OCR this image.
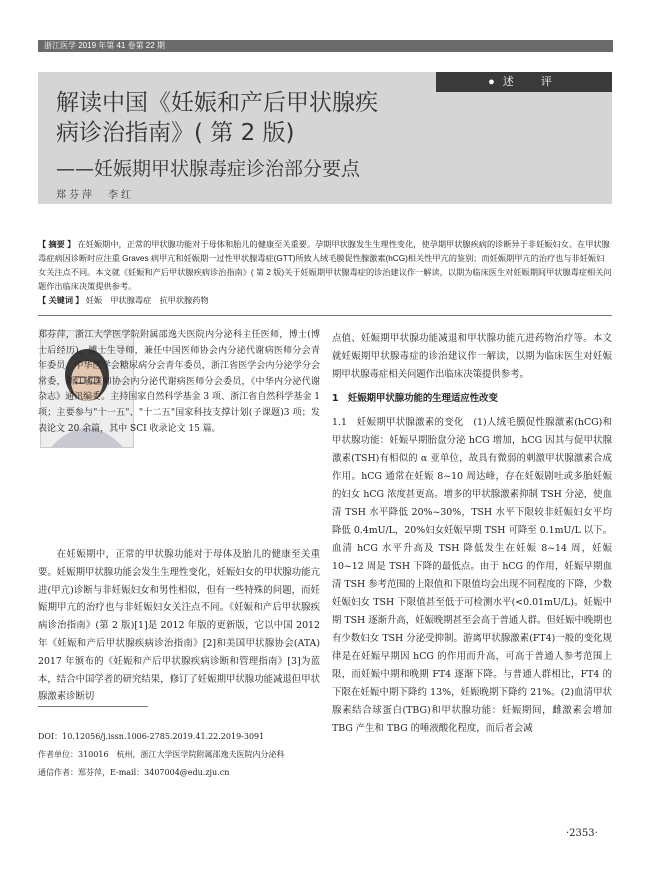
浙江医学 2019 年第 41 卷第 22 期
●述　评
解读中国《妊娠和产后甲状腺疾
病诊治指南》( 第 2 版)
——妊娠期甲状腺毒症诊治部分要点
郑芬萍　李红
【 摘要 】 在妊娠期中，正常的甲状腺功能对于母体和胎儿的健康至关重要。孕期甲状腺发生生理性变化，使孕期甲状腺疾病的诊断异于非妊娠妇女。在甲状腺毒症病因诊断时应注重 Graves 病甲亢和妊娠期一过性甲状腺毒症(GTT)所致人绒毛膜促性腺激素(hCG)相关性甲亢的鉴别；而妊娠期甲亢的治疗也与非妊娠妇女关注点不同。本文就《妊娠和产后甲状腺疾病诊治指南》( 第 2 版)关于妊娠期甲状腺毒症的诊治建议作一解读，以期为临床医生对妊娠期间甲状腺毒症相关问题作出临床决策提供参考。
【 关键词 】 妊娠　甲状腺毒症　抗甲状腺药物
郑芬萍，浙江大学医学院附属邵逸夫医院内分泌科主任医师，博士(博士后经历)、博士生导师，兼任中国医师协会内分泌代谢病医师分会青年委员，中华医学会糖尿病分会青年委员，浙江省医学会内分泌学分会常委，浙江省医师协会内分泌代谢病医师分会委员，《中华内分泌代谢杂志》通讯编委。主持国家自然科学基金 3 项、浙江省自然科学基金 1 项；主要参与"十一五"、"十二五"国家科技支撑计划(子课题)3 项；发表论文 20 余篇，其中 SCI 收录论文 15 篇。
在妊娠期中，正常的甲状腺功能对于母体及胎儿的健康至关重要。妊娠期甲状腺功能会发生生理性变化，妊娠妇女的甲状腺功能亢进(甲亢)诊断与非妊娠妇女和男性相似，但有一些特殊的问题，而妊娠期甲亢的治疗也与非妊娠妇女关注点不同。《妊娠和产后甲状腺疾病诊治指南》(第 2 版)[1]是 2012 年版的更新版，它以中国 2012 年《妊娠和产后甲状腺疾病诊治指南》[2]和美国甲状腺协会(ATA) 2017 年颁布的《妊娠和产后甲状腺疾病诊断和管理指南》[3]为蓝本，结合中国学者的研究结果，修订了妊娠期甲状腺功能减退但甲状腺激素诊断切
DOI：10.12056/j.issn.1006-2785.2019.41.22.2019-3091
作者单位：310016　杭州，浙江大学医学院附属邵逸夫医院内分泌科
通信作者：郑芬萍，E-mail：3407004@edu.zju.cn

点值、妊娠期甲状腺功能减退和甲状腺功能亢进药物治疗等。本文就妊娠期甲状腺毒症的诊治建议作一解读，以期为临床医生对妊娠期甲状腺毒症相关问题作出临床决策提供参考。

1　妊娠期甲状腺功能的生理适应性改变

1.1　妊娠期甲状腺激素的变化　(1)人绒毛膜促性腺激素(hCG)和甲状腺功能：妊娠早期胎盘分泌 hCG 增加，hCG 因其与促甲状腺激素(TSH)有相似的 α 亚单位，故具有微弱的刺激甲状腺激素合成作用。hCG 通常在妊娠 8~10 周达峰，存在妊娠剧吐或多胎妊娠的妇女 hCG 浓度甚更高。增多的甲状腺激素抑制 TSH 分泌，使血清 TSH 水平降低 20%~30%，TSH 水平下限较非妊娠妇女平均降低 0.4mU/L，20%妇女妊娠早期 TSH 可降至 0.1mU/L 以下。血清 hCG 水平升高及 TSH 降低发生在妊娠 8~14 周，妊娠 10~12 周是 TSH 下降的最低点。由于 hCG 的作用，妊娠早期血清 TSH 参考范围的上限值和下限值均会出现不同程度的下降，少数妊娠妇女 TSH 下限值甚至低于可检测水平(<0.01mU/L)。妊娠中期 TSH 逐渐升高，妊娠晚期甚至会高于普通人群。但妊娠中晚期也有少数妇女 TSH 分泌受抑制。游离甲状腺激素(FT4)一般的变化规律是在妊娠早期因 hCG 的作用而升高，可高于普通人参考范围上限，而妊娠中期和晚期 FT4 逐渐下降。与普通人群相比，FT4 的下限在妊娠中期下降约 13%，妊娠晚期下降约 21%。(2)血清甲状腺素结合球蛋白(TBG)和甲状腺功能：妊娠期间，雌激素会增加 TBG 产生和 TBG 的唾液酸化程度，而后者会减

·2353·
